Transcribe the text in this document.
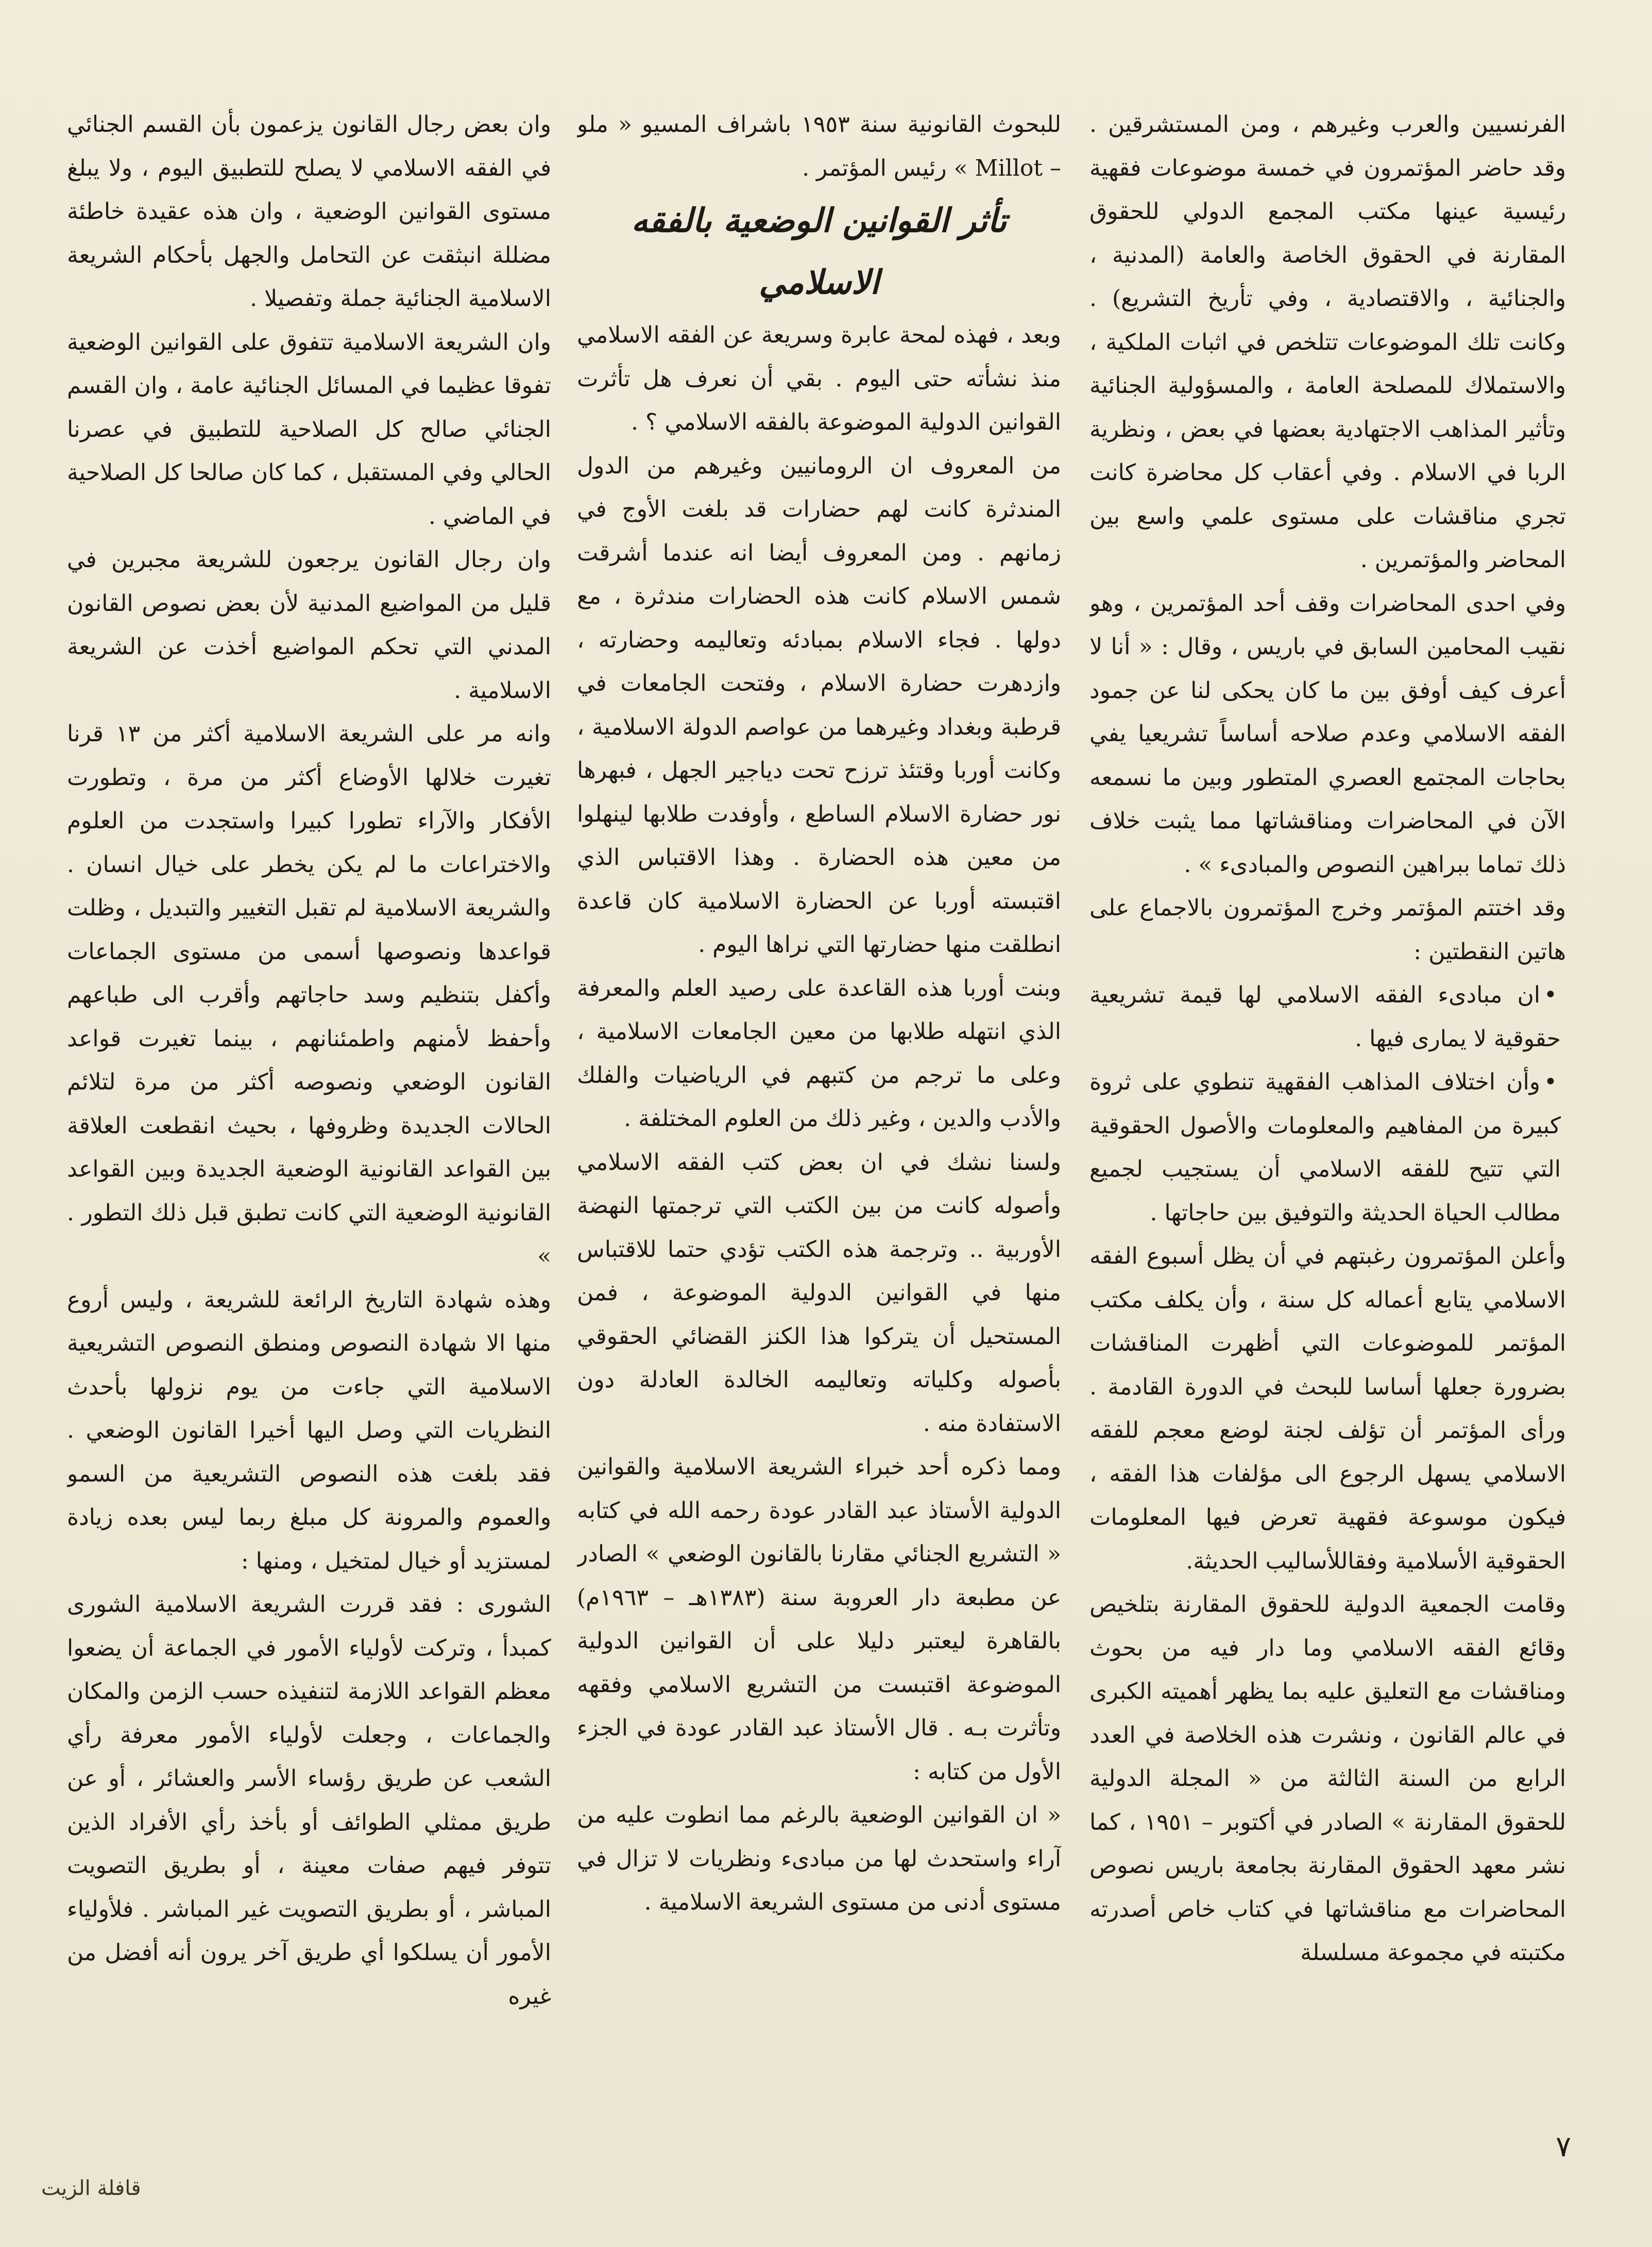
الفرنسيين والعرب وغيرهم ، ومن المستشرقين . وقد حاضر المؤتمرون في خمسة موضوعات فقهية رئيسية عينها مكتب المجمع الدولي للحقوق المقارنة في الحقوق الخاصة والعامة (المدنية ، والجنائية ، والاقتصادية ، وفي تأريخ التشريع) . وكانت تلك الموضوعات تتلخص في اثبات الملكية ، والاستملاك للمصلحة العامة ، والمسؤولية الجنائية وتأثير المذاهب الاجتهادية بعضها في بعض ، ونظرية الربا في الاسلام . وفي أعقاب كل محاضرة كانت تجري مناقشات على مستوى علمي واسع بين المحاضر والمؤتمرين .

وفي احدى المحاضرات وقف أحد المؤتمرين ، وهو نقيب المحامين السابق في باريس ، وقال : « أنا لا أعرف كيف أوفق بين ما كان يحكى لنا عن جمود الفقه الاسلامي وعدم صلاحه أساساً تشريعيا يفي بحاجات المجتمع العصري المتطور وبين ما نسمعه الآن في المحاضرات ومناقشاتها مما يثبت خلاف ذلك تماما ببراهين النصوص والمبادىء » .

وقد اختتم المؤتمر وخرج المؤتمرون بالاجماع على هاتين النقطتين :

•ان مبادىء الفقه الاسلامي لها قيمة تشريعية حقوقية لا يمارى فيها .

•وأن اختلاف المذاهب الفقهية تنطوي على ثروة كبيرة من المفاهيم والمعلومات والأصول الحقوقية التي تتيح للفقه الاسلامي أن يستجيب لجميع مطالب الحياة الحديثة والتوفيق بين حاجاتها .

وأعلن المؤتمرون رغبتهم في أن يظل أسبوع الفقه الاسلامي يتابع أعماله كل سنة ، وأن يكلف مكتب المؤتمر للموضوعات التي أظهرت المناقشات بضرورة جعلها أساسا للبحث في الدورة القادمة . ورأى المؤتمر أن تؤلف لجنة لوضع معجم للفقه الاسلامي يسهل الرجوع الى مؤلفات هذا الفقه ، فيكون موسوعة فقهية تعرض فيها المعلومات الحقوقية الأسلامية وفقاللأساليب الحديثة.

وقامت الجمعية الدولية للحقوق المقارنة بتلخيص وقائع الفقه الاسلامي وما دار فيه من بحوث ومناقشات مع التعليق عليه بما يظهر أهميته الكبرى في عالم القانون ، ونشرت هذه الخلاصة في العدد الرابع من السنة الثالثة من « المجلة الدولية للحقوق المقارنة » الصادر في أكتوبر – ١٩٥١ ، كما نشر معهد الحقوق المقارنة بجامعة باريس نصوص المحاضرات مع مناقشاتها في كتاب خاص أصدرته مكتبته في مجموعة مسلسلة

للبحوث القانونية سنة ١٩٥٣ باشراف المسيو « ملو – Millot » رئيس المؤتمر .

تأثر القوانين الوضعية بالفقه الاسلامي

وبعد ، فهذه لمحة عابرة وسريعة عن الفقه الاسلامي منذ نشأته حتى اليوم . بقي أن نعرف هل تأثرت القوانين الدولية الموضوعة بالفقه الاسلامي ؟ .

من المعروف ان الرومانيين وغيرهم من الدول المندثرة كانت لهم حضارات قد بلغت الأوج في زمانهم . ومن المعروف أيضا انه عندما أشرقت شمس الاسلام كانت هذه الحضارات مندثرة ، مع دولها . فجاء الاسلام بمبادئه وتعاليمه وحضارته ، وازدهرت حضارة الاسلام ، وفتحت الجامعات في قرطبة وبغداد وغيرهما من عواصم الدولة الاسلامية ، وكانت أوربا وقتئذ ترزح تحت دياجير الجهل ، فبهرها نور حضارة الاسلام الساطع ، وأوفدت طلابها لينهلوا من معين هذه الحضارة . وهذا الاقتباس الذي اقتبسته أوربا عن الحضارة الاسلامية كان قاعدة انطلقت منها حضارتها التي نراها اليوم .

وبنت أوربا هذه القاعدة على رصيد العلم والمعرفة الذي انتهله طلابها من معين الجامعات الاسلامية ، وعلى ما ترجم من كتبهم في الرياضيات والفلك والأدب والدين ، وغير ذلك من العلوم المختلفة .

ولسنا نشك في ان بعض كتب الفقه الاسلامي وأصوله كانت من بين الكتب التي ترجمتها النهضة الأوربية .. وترجمة هذه الكتب تؤدي حتما للاقتباس منها في القوانين الدولية الموضوعة ، فمن المستحيل أن يتركوا هذا الكنز القضائي الحقوقي بأصوله وكلياته وتعاليمه الخالدة العادلة دون الاستفادة منه .

ومما ذكره أحد خبراء الشريعة الاسلامية والقوانين الدولية الأستاذ عبد القادر عودة رحمه الله في كتابه « التشريع الجنائي مقارنا بالقانون الوضعي » الصادر عن مطبعة دار العروبة سنة (١٣٨٣هـ – ١٩٦٣م) بالقاهرة ليعتبر دليلا على أن القوانين الدولية الموضوعة اقتبست من التشريع الاسلامي وفقهه وتأثرت بـه . قال الأستاذ عبد القادر عودة في الجزء الأول من كتابه :

« ان القوانين الوضعية بالرغم مما انطوت عليه من آراء واستحدث لها من مبادىء ونظريات لا تزال في مستوى أدنى من مستوى الشريعة الاسلامية .

وان بعض رجال القانون يزعمون بأن القسم الجنائي في الفقه الاسلامي لا يصلح للتطبيق اليوم ، ولا يبلغ مستوى القوانين الوضعية ، وان هذه عقيدة خاطئة مضللة انبثقت عن التحامل والجهل بأحكام الشريعة الاسلامية الجنائية جملة وتفصيلا .

وان الشريعة الاسلامية تتفوق على القوانين الوضعية تفوقا عظيما في المسائل الجنائية عامة ، وان القسم الجنائي صالح كل الصلاحية للتطبيق في عصرنا الحالي وفي المستقبل ، كما كان صالحا كل الصلاحية في الماضي .

وان رجال القانون يرجعون للشريعة مجبرين في قليل من المواضيع المدنية لأن بعض نصوص القانون المدني التي تحكم المواضيع أخذت عن الشريعة الاسلامية .

وانه مر على الشريعة الاسلامية أكثر من ١٣ قرنا تغيرت خلالها الأوضاع أكثر من مرة ، وتطورت الأفكار والآراء تطورا كبيرا واستجدت من العلوم والاختراعات ما لم يكن يخطر على خيال انسان . والشريعة الاسلامية لم تقبل التغيير والتبديل ، وظلت قواعدها ونصوصها أسمى من مستوى الجماعات وأكفل بتنظيم وسد حاجاتهم وأقرب الى طباعهم وأحفظ لأمنهم واطمئنانهم ، بينما تغيرت قواعد القانون الوضعي ونصوصه أكثر من مرة لتلائم الحالات الجديدة وظروفها ، بحيث انقطعت العلاقة بين القواعد القانونية الوضعية الجديدة وبين القواعد القانونية الوضعية التي كانت تطبق قبل ذلك التطور . »

وهذه شهادة التاريخ الرائعة للشريعة ، وليس أروع منها الا شهادة النصوص ومنطق النصوص التشريعية الاسلامية التي جاءت من يوم نزولها بأحدث النظريات التي وصل اليها أخيرا القانون الوضعي . فقد بلغت هذه النصوص التشريعية من السمو والعموم والمرونة كل مبلغ ربما ليس بعده زيادة لمستزيد أو خيال لمتخيل ، ومنها :

الشورى : فقد قررت الشريعة الاسلامية الشورى كمبدأ ، وتركت لأولياء الأمور في الجماعة أن يضعوا معظم القواعد اللازمة لتنفيذه حسب الزمن والمكان والجماعات ، وجعلت لأولياء الأمور معرفة رأي الشعب عن طريق رؤساء الأسر والعشائر ، أو عن طريق ممثلي الطوائف أو بأخذ رأي الأفراد الذين تتوفر فيهم صفات معينة ، أو بطريق التصويت المباشر ، أو بطريق التصويت غير المباشر . فلأولياء الأمور أن يسلكوا أي طريق آخر يرون أنه أفضل من غيره

٧
قافلة الزيت
